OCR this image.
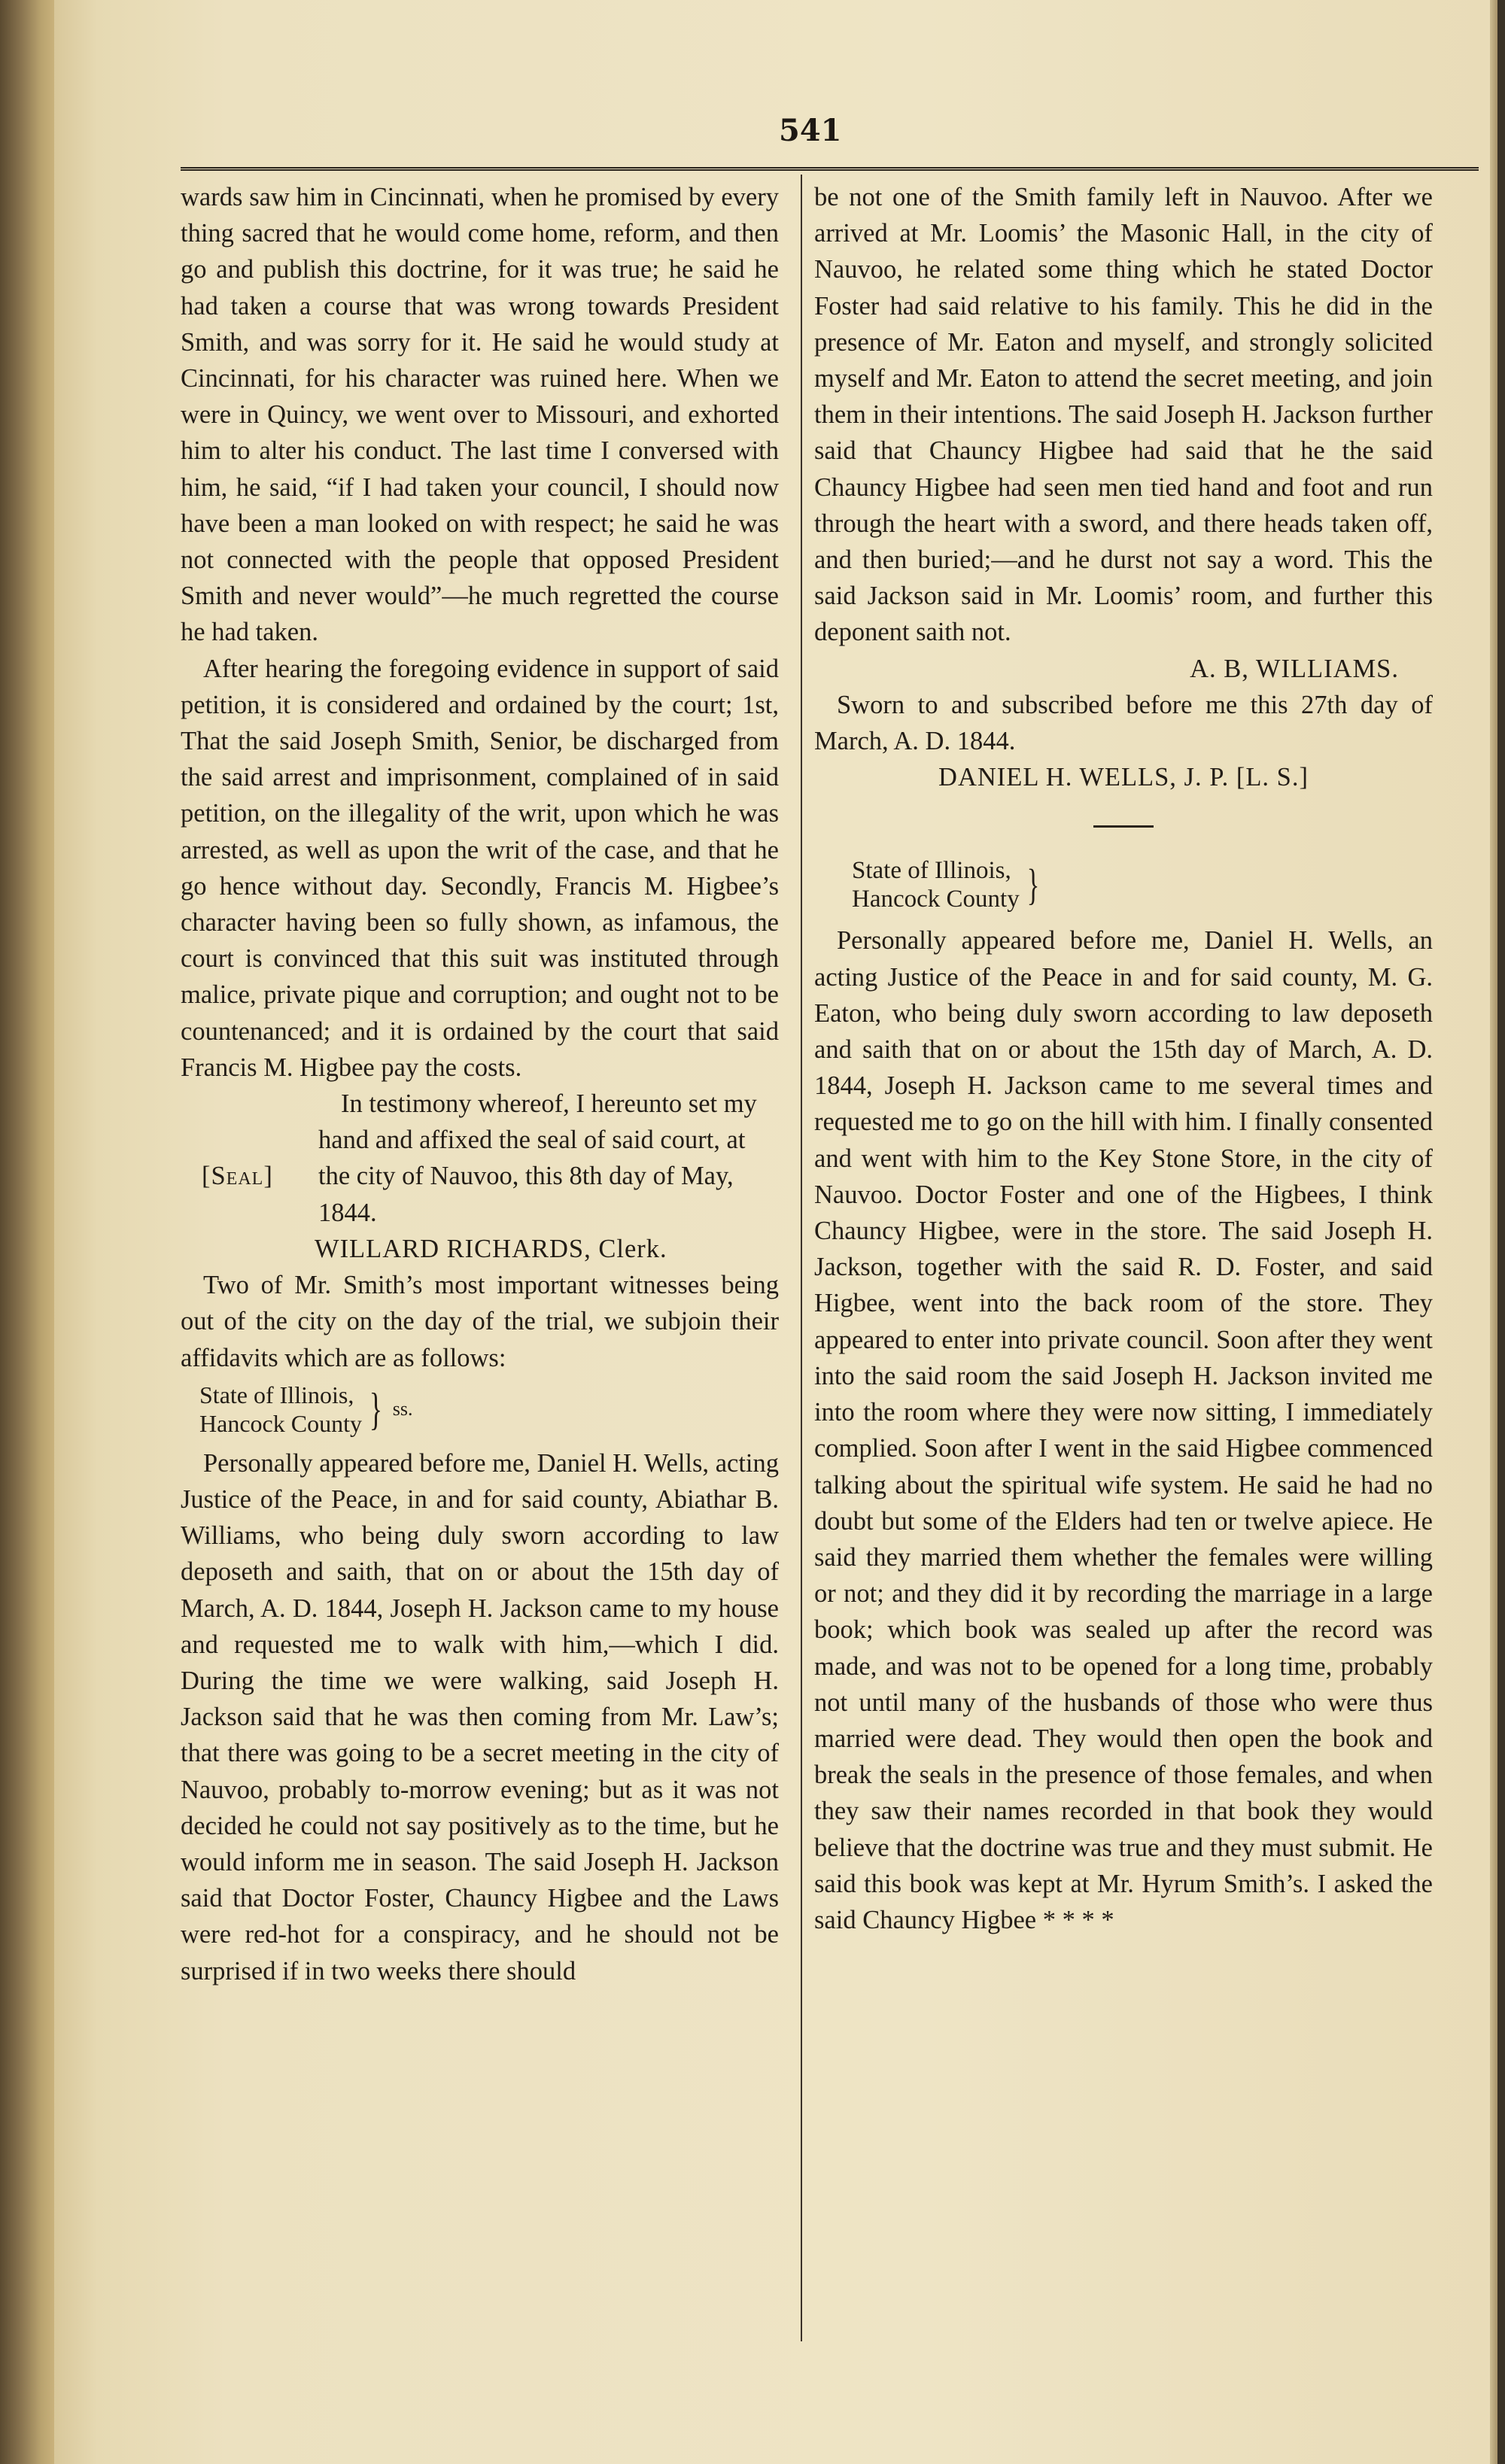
541

wards saw him in Cincinnati, when he promised by every thing sacred that he would come home, reform, and then go and publish this doctrine, for it was true; he said he had taken a course that was wrong towards President Smith, and was sorry for it. He said he would study at Cincinnati, for his character was ruined here. When we were in Quincy, we went over to Missouri, and exhorted him to alter his conduct. The last time I conversed with him, he said, “if I had taken your council, I should now have been a man looked on with respect; he said he was not connected with the people that opposed President Smith and never would”—he much regretted the course he had taken.

After hearing the foregoing evidence in support of said petition, it is considered and ordained by the court; 1st, That the said Joseph Smith, Senior, be discharged from the said arrest and imprisonment, complained of in said petition, on the illegality of the writ, upon which he was arrested, as well as upon the writ of the case, and that he go hence without day. Secondly, Francis M. Higbee’s character having been so fully shown, as infamous, the court is convinced that this suit was instituted through malice, private pique and corruption; and ought not to be countenanced; and it is ordained by the court that said Francis M. Higbee pay the costs.

[Seal]

In testimony whereof, I hereunto set my hand and affixed the seal of said court, at the city of Nauvoo, this 8th day of May, 1844.

WILLARD RICHARDS, Clerk.

Two of Mr. Smith’s most important witnesses being out of the city on the day of the trial, we subjoin their affidavits which are as follows:

State of Illinois,
Hancock County } ss.

Personally appeared before me, Daniel H. Wells, acting Justice of the Peace, in and for said county, Abiathar B. Williams, who being duly sworn according to law deposeth and saith, that on or about the 15th day of March, A. D. 1844, Joseph H. Jackson came to my house and requested me to walk with him,—which I did. During the time we were walking, said Joseph H. Jackson said that he was then coming from Mr. Law’s; that there was going to be a secret meeting in the city of Nauvoo, probably to-morrow evening; but as it was not decided he could not say positively as to the time, but he would inform me in season. The said Joseph H. Jackson said that Doctor Foster, Chauncy Higbee and the Laws were red-hot for a conspiracy, and he should not be surprised if in two weeks there should

be not one of the Smith family left in Nauvoo. After we arrived at Mr. Loomis’ the Masonic Hall, in the city of Nauvoo, he related some thing which he stated Doctor Foster had said relative to his family. This he did in the presence of Mr. Eaton and myself, and strongly solicited myself and Mr. Eaton to attend the secret meeting, and join them in their intentions. The said Joseph H. Jackson further said that Chauncy Higbee had said that he the said Chauncy Higbee had seen men tied hand and foot and run through the heart with a sword, and there heads taken off, and then buried;—and he durst not say a word. This the said Jackson said in Mr. Loomis’ room, and further this deponent saith not.

A. B, WILLIAMS.

Sworn to and subscribed before me this 27th day of March, A. D. 1844.

DANIEL H. WELLS, J. P. [L. S.]

State of Illinois,
Hancock County }

Personally appeared before me, Daniel H. Wells, an acting Justice of the Peace in and for said county, M. G. Eaton, who being duly sworn according to law deposeth and saith that on or about the 15th day of March, A. D. 1844, Joseph H. Jackson came to me several times and requested me to go on the hill with him. I finally consented and went with him to the Key Stone Store, in the city of Nauvoo. Doctor Foster and one of the Higbees, I think Chauncy Higbee, were in the store. The said Joseph H. Jackson, together with the said R. D. Foster, and said Higbee, went into the back room of the store. They appeared to enter into private council. Soon after they went into the said room the said Joseph H. Jackson invited me into the room where they were now sitting, I immediately complied. Soon after I went in the said Higbee commenced talking about the spiritual wife system. He said he had no doubt but some of the Elders had ten or twelve apiece. He said they married them whether the females were willing or not; and they did it by recording the marriage in a large book; which book was sealed up after the record was made, and was not to be opened for a long time, probably not until many of the husbands of those who were thus married were dead. They would then open the book and break the seals in the presence of those females, and when they saw their names recorded in that book they would believe that the doctrine was true and they must submit. He said this book was kept at Mr. Hyrum Smith’s. I asked the said Chauncy Higbee * * * *
